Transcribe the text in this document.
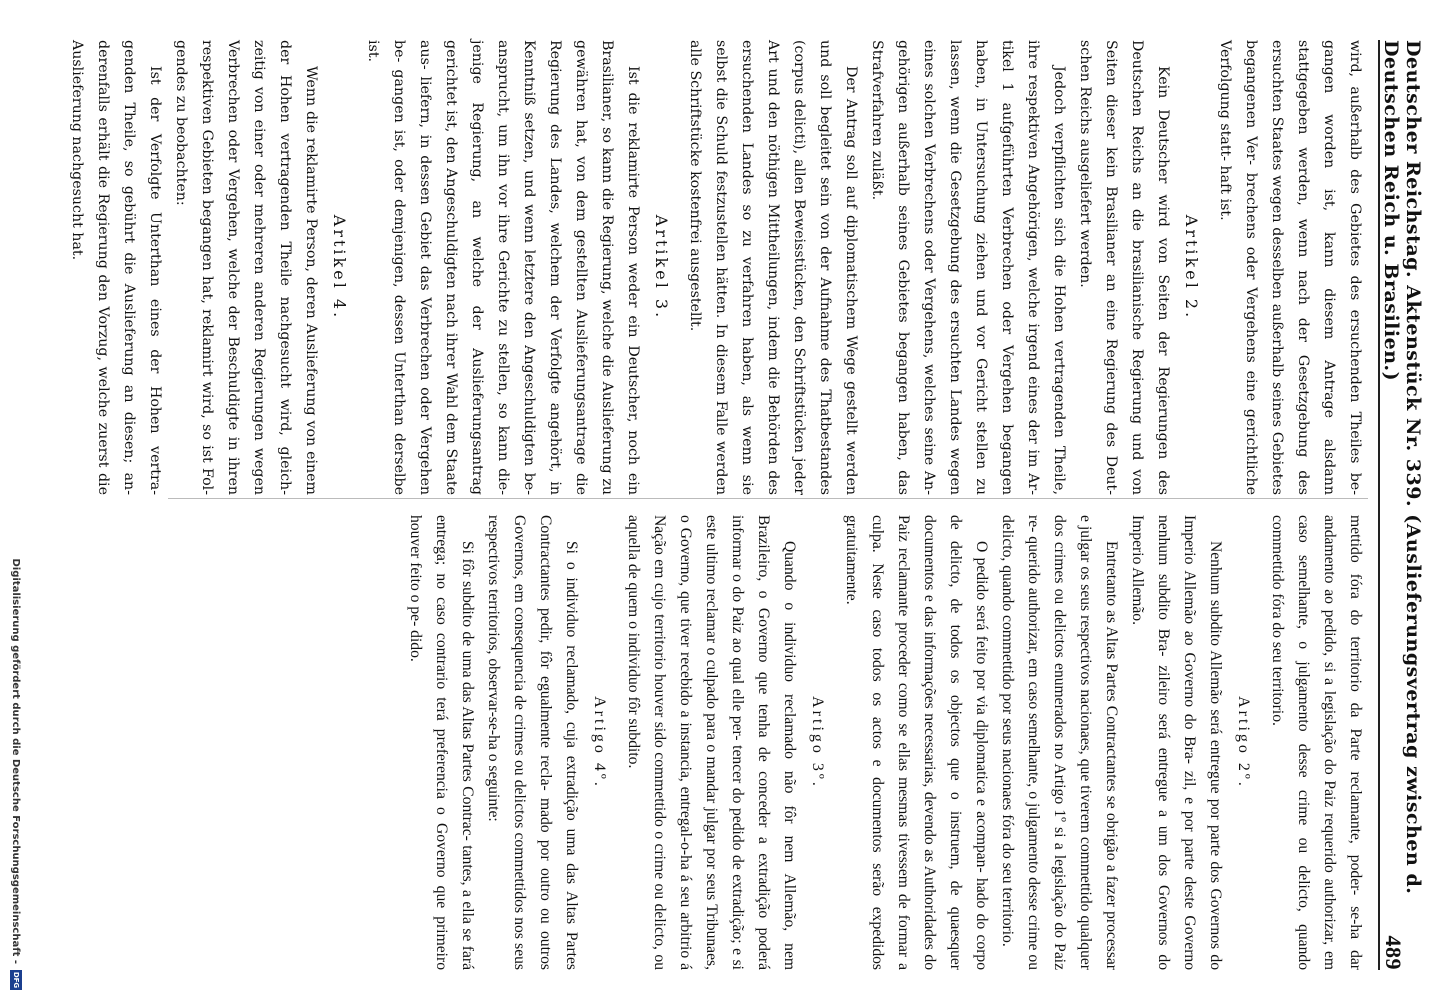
Deutscher Reichstag. Aktenstück Nr. 339. (Auslieferungsvertrag zwischen d. Deutschen Reich u. Brasilien.)
489

wird, außerhalb des Gebietes des ersuchenden Theiles be- gangen worden ist, kann diesem Antrage alsdann stattgegeben werden, wenn nach der Gesetzgebung des ersuchten Staates wegen desselben außerhalb seines Gebietes begangenen Ver- brechens oder Vergehens eine gerichtliche Verfolgung statt- haft ist.

Artikel 2.

Kein Deutscher wird von Seiten der Regierungen des Deutschen Reichs an die brasilianische Regierung und von Seiten dieser kein Brasilianer an eine Regierung des Deut- schen Reichs ausgeliefert werden.

Jedoch verpflichten sich die Hohen vertragenden Theile, ihre respektiven Angehörigen, welche irgend eines der im Ar- tikel 1 aufgeführten Verbrechen oder Vergehen begangen haben, in Untersuchung ziehen und vor Gericht stellen zu lassen, wenn die Gesetzgebung des ersuchten Landes wegen eines solchen Verbrechens oder Vergehens, welches seine An- gehörigen außerhalb seines Gebietes begangen haben, das Strafverfahren zuläßt.

Der Antrag soll auf diplomatischem Wege gestellt werden und soll begleitet sein von der Aufnahme des Thatbestandes (corpus delicti), allen Beweisstücken, den Schriftstücken jeder Art und den nöthigen Mittheilungen, indem die Behörden des ersuchenden Landes so zu verfahren haben, als wenn sie selbst die Schuld festzustellen hätten. In diesem Falle werden alle Schriftstücke kostenfrei ausgestellt.

Artikel 3.

Ist die reklamirte Person weder ein Deutscher, noch ein Brasilianer, so kann die Regierung, welche die Auslieferung zu gewähren hat, von dem gestellten Auslieferungsantrage die Regierung des Landes, welchem der Verfolgte angehört, in Kenntniß setzen, und wenn letztere den Angeschuldigten be- ansprucht, um ihn vor ihre Gerichte zu stellen, so kann die- jenige Regierung, an welche der Auslieferungsantrag gerichtet ist, den Angeschuldigten nach ihrer Wahl dem Staate aus- liefern, in dessen Gebiet das Verbrechen oder Vergehen be- gangen ist, oder demjenigen, dessen Unterthan derselbe ist.

Artikel 4.

Wenn die reklamirte Person, deren Auslieferung von einem der Hohen vertragenden Theile nachgesucht wird, gleich- zeitig von einer oder mehreren anderen Regierungen wegen Verbrechen oder Vergehen, welche der Beschuldigte in ihren respektiven Gebieten begangen hat, reklamirt wird, so ist Fol- gendes zu beobachten:

Ist der Verfolgte Unterthan eines der Hohen vertra- genden Theile, so gebührt die Auslieferung an diesen; an- derenfalls erhält die Regierung den Vorzug, welche zuerst die Auslieferung nachgesucht hat.

mettido fóra do territorio da Parte reclamante, poder- se-ha dar andamento ao pedido, si a legislação do Paiz requerido authorizar, em caso semelhante, o julgamento desse crime ou delicto, quando commettido fóra do seu territorio.

Artigo 2º.

Nenhum subdito Allemão será entregue por parte dos Governos do Imperio Allemão ao Governo do Bra- zil, e por parte deste Governo nenhum subdito Bra- zileiro será entregue a um dos Governos do Imperio Allemão.

Entretanto as Altas Partes Contractantes se obrigão a fazer processar e julgar os seus respectivos nacionaes, que tiverem commettido qualquer dos crimes ou delictos enumerados no Artigo 1º si a legislação do Paiz re- querido authorizar, em caso semelhante, o julgamento desse crime ou delicto, quando commettido por seus nacionaes fóra do seu territorio.

O pedido será feito por via diplomatica e acompan- hado do corpo de delicto, de todos os objectos que o instruem, de quaesquer documentos e das informações necessarias, devendo as Authoridades do Paiz reclamante proceder como se ellas mesmas tivessem de formar a culpa. Neste caso todos os actos e documentos serão expedidos gratuitamente.

Artigo 3º.

Quando o individuo reclamado não fôr nem Allemão, nem Brazileiro, o Governo que tenha de conceder a extradição poderá informar o do Paiz ao qual elle per- tencer do pedido de extradição; e si este ultimo reclamar o culpado para o mandar julgar por seus Tribunaes, o Governo, que tiver recebido a instancia, entregal-o-ha á seu arbitrio á Nação em cujo territorio houver sido commettido o crime ou delicto, ou aquella de quem o individuo fôr subdito.

Artigo 4º.

Si o individuo reclamado, cuja extradição uma das Altas Partes Contractantes pedir, fôr egualmente recla- mado por outro ou outros Governos, em consequencia de crimes ou delictos commettidos nos seus respectivos territorios, observar-se-ha o seguinte:

Si fôr subdito de uma das Altas Partes Contrac- tantes, a ella se fará entrega; no caso contrario terá preferencia o Governo que primeiro houver feito o pe- dido.

Digitalisierung gefördert durch die Deutsche Forschungsgemeinschaft -
DFG
